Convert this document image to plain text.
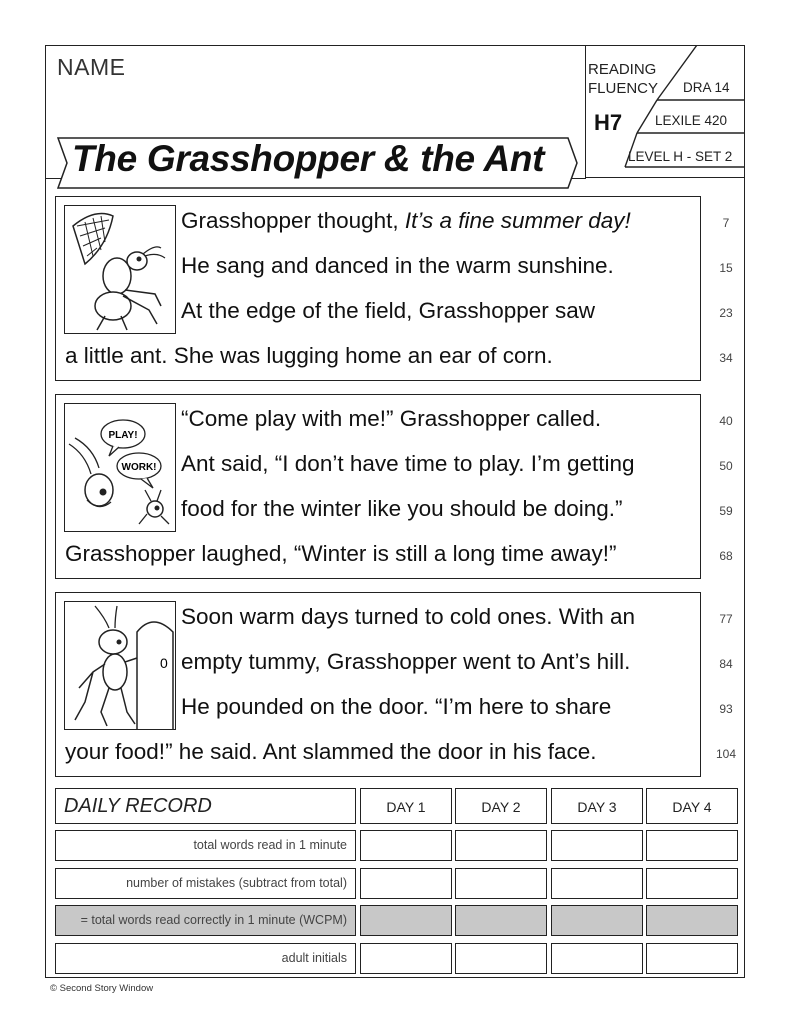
NAME	READING FLUENCY
H7
DRA 14
LEXILE 420
LEVEL H - SET 2
The Grasshopper & the Ant
PLAY!
WORK!
0
Grasshopper thought, It’s a fine summer day!	7
He sang and danced in the warm sunshine.	15
At the edge of the field, Grasshopper saw	23
a little ant. She was lugging home an ear of corn.	34
“Come play with me!” Grasshopper called.	40
Ant said, “I don’t have time to play. I’m getting	50
food for the winter like you should be doing.”	59
Grasshopper laughed, “Winter is still a long time away!”	68
Soon warm days turned to cold ones. With an	77
empty tummy, Grasshopper went to Ant’s hill.	84
He pounded on the door. “I’m here to share	93
your food!” he said. Ant slammed the door in his face.	104
DAILY RECORD	DAY 1	DAY 2	DAY 3	DAY 4
total words read in 1 minute
number of mistakes (subtract from total)
= total words read correctly in 1 minute (WCPM)
adult initials
© Second Story Window
